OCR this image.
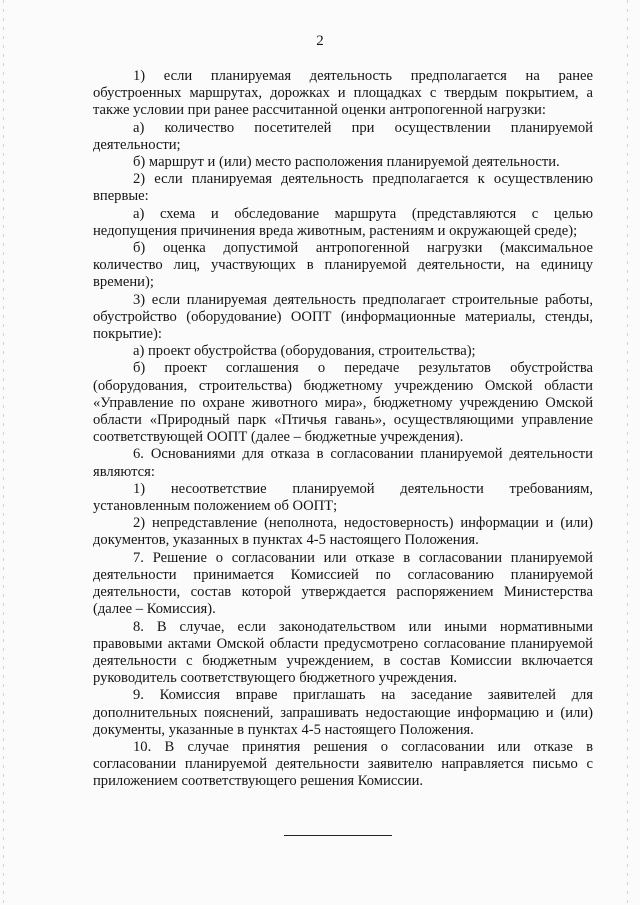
2

1) если планируемая деятельность предполагается на ранее обустроенных маршрутах, дорожках и площадках с твердым покрытием, а также условии при ранее рассчитанной оценки антропогенной нагрузки:

а) количество посетителей при осуществлении планируемой деятельности;

б) маршрут и (или) место расположения планируемой деятельности.

2) если планируемая деятельность предполагается к осуществлению впервые:

а) схема и обследование маршрута (представляются с целью недопущения причинения вреда животным, растениям и окружающей среде);

б) оценка допустимой антропогенной нагрузки (максимальное количество лиц, участвующих в планируемой деятельности, на единицу времени);

3) если планируемая деятельность предполагает строительные работы, обустройство (оборудование) ООПТ (информационные материалы, стенды, покрытие):

а) проект обустройства (оборудования, строительства);

б) проект соглашения о передаче результатов обустройства (оборудования, строительства) бюджетному учреждению Омской области «Управление по охране животного мира», бюджетному учреждению Омской области «Природный парк «Птичья гавань», осуществляющими управление соответствующей ООПТ (далее – бюджетные учреждения).

6. Основаниями для отказа в согласовании планируемой деятельности являются:

1) несоответствие планируемой деятельности требованиям, установленным положением об ООПТ;

2) непредставление (неполнота, недостоверность) информации и (или) документов, указанных в пунктах 4-5 настоящего Положения.

7. Решение о согласовании или отказе в согласовании планируемой деятельности принимается Комиссией по согласованию планируемой деятельности, состав которой утверждается распоряжением Министерства (далее – Комиссия).

8. В случае, если законодательством или иными нормативными правовыми актами Омской области предусмотрено согласование планируемой деятельности с бюджетным учреждением, в состав Комиссии включается руководитель соответствующего бюджетного учреждения.

9. Комиссия вправе приглашать на заседание заявителей для дополнительных пояснений, запрашивать недостающие информацию и (или) документы, указанные в пунктах 4-5 настоящего Положения.

10. В случае принятия решения о согласовании или отказе в согласовании планируемой деятельности заявителю направляется письмо с приложением соответствующего решения Комиссии.
